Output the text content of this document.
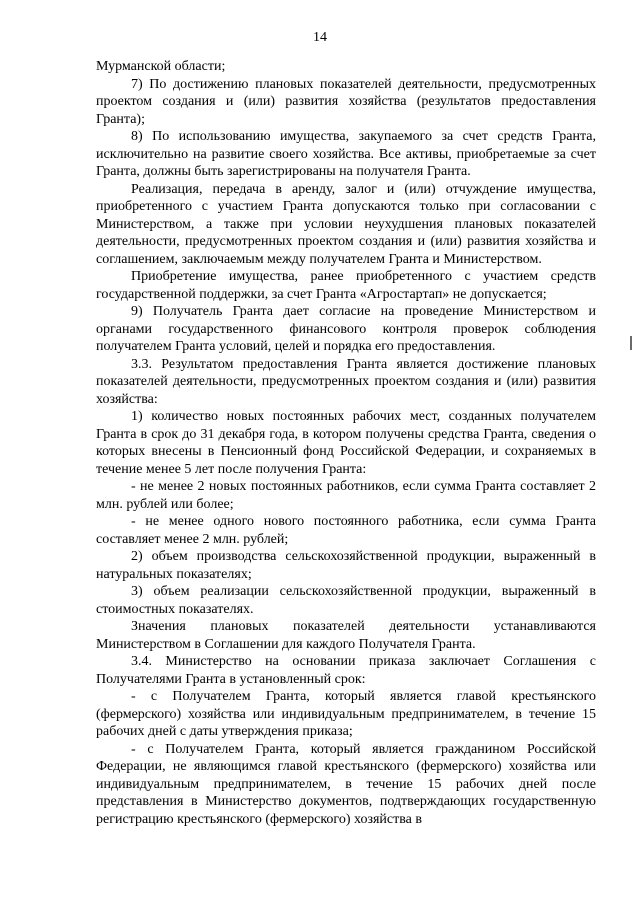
14

Мурманской области;

7) По достижению плановых показателей деятельности, предусмотренных проектом создания и (или) развития хозяйства (результатов предоставления Гранта);

8) По использованию имущества, закупаемого за счет средств Гранта, исключительно на развитие своего хозяйства. Все активы, приобретаемые за счет Гранта, должны быть зарегистрированы на получателя Гранта.

Реализация, передача в аренду, залог и (или) отчуждение имущества, приобретенного с участием Гранта допускаются только при согласовании с Министерством, а также при условии неухудшения плановых показателей деятельности, предусмотренных проектом создания и (или) развития хозяйства и соглашением, заключаемым между получателем Гранта и Министерством.

Приобретение имущества, ранее приобретенного с участием средств государственной поддержки, за счет Гранта «Агростартап» не допускается;

9) Получатель Гранта дает согласие на проведение Министерством и органами государственного финансового контроля проверок соблюдения получателем Гранта условий, целей и порядка его предоставления.

3.3. Результатом предоставления Гранта является достижение плановых показателей деятельности, предусмотренных проектом создания и (или) развития хозяйства:

1) количество новых постоянных рабочих мест, созданных получателем Гранта в срок до 31 декабря года, в котором получены средства Гранта, сведения о которых внесены в Пенсионный фонд Российской Федерации, и сохраняемых в течение менее 5 лет после получения Гранта:

- не менее 2 новых постоянных работников, если сумма Гранта составляет 2 млн. рублей или более;

- не менее одного нового постоянного работника, если сумма Гранта составляет менее 2 млн. рублей;

2) объем производства сельскохозяйственной продукции, выраженный в натуральных показателях;

3) объем реализации сельскохозяйственной продукции, выраженный в стоимостных показателях.

Значения плановых показателей деятельности устанавливаются Министерством в Соглашении для каждого Получателя Гранта.

3.4. Министерство на основании приказа заключает Соглашения с Получателями Гранта в установленный срок:

- с Получателем Гранта, который является главой крестьянского (фермерского) хозяйства или индивидуальным предпринимателем, в течение 15 рабочих дней с даты утверждения приказа;

- с Получателем Гранта, который является гражданином Российской Федерации, не являющимся главой крестьянского (фермерского) хозяйства или индивидуальным предпринимателем, в течение 15 рабочих дней после представления в Министерство документов, подтверждающих государственную регистрацию крестьянского (фермерского) хозяйства в
